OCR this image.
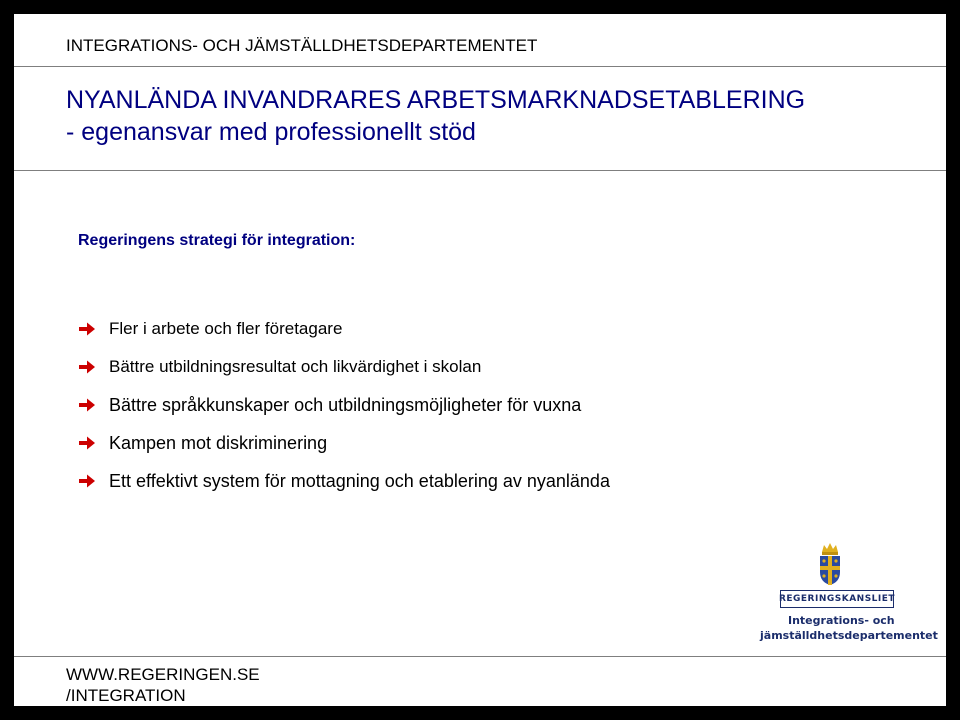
INTEGRATIONS- OCH JÄMSTÄLLDHETSDEPARTEMENTET
NYANLÄNDA INVANDRARES ARBETSMARKNADSETABLERING
- egenansvar med professionellt stöd
Regeringens strategi för integration:
Fler i arbete och fler företagare
Bättre utbildningsresultat och likvärdighet i skolan
Bättre språkkunskaper och utbildningsmöjligheter för vuxna
Kampen mot diskriminering
Ett effektivt system för mottagning och etablering av nyanlända
REGERINGSKANSLIET
Integrations- och
jämställdhetsdepartementet
WWW.REGERINGEN.SE
/INTEGRATION
